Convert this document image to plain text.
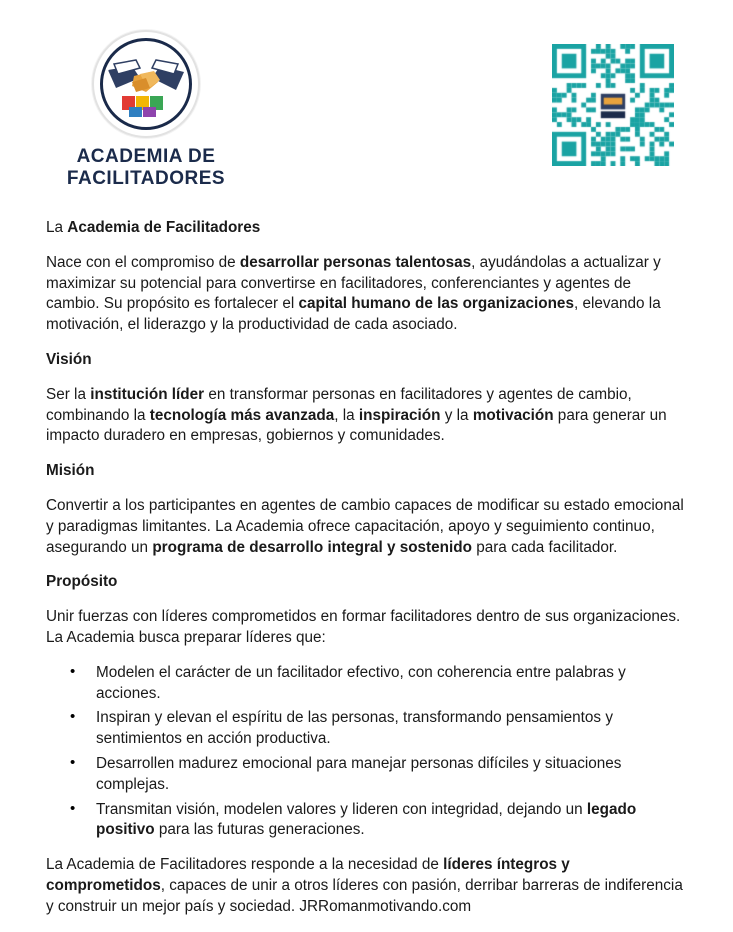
ACADEMIA DE
FACILITADORES

La Academia de Facilitadores

Nace con el compromiso de desarrollar personas talentosas, ayudándolas a actualizar y maximizar su potencial para convertirse en facilitadores, conferenciantes y agentes de cambio. Su propósito es fortalecer el capital humano de las organizaciones, elevando la motivación, el liderazgo y la productividad de cada asociado.

Visión

Ser la institución líder en transformar personas en facilitadores y agentes de cambio, combinando la tecnología más avanzada, la inspiración y la motivación para generar un impacto duradero en empresas, gobiernos y comunidades.

Misión

Convertir a los participantes en agentes de cambio capaces de modificar su estado emocional y paradigmas limitantes. La Academia ofrece capacitación, apoyo y seguimiento continuo, asegurando un programa de desarrollo integral y sostenido para cada facilitador.

Propósito

Unir fuerzas con líderes comprometidos en formar facilitadores dentro de sus organizaciones. La Academia busca preparar líderes que:

• Modelen el carácter de un facilitador efectivo, con coherencia entre palabras y acciones.
• Inspiran y elevan el espíritu de las personas, transformando pensamientos y sentimientos en acción productiva.
• Desarrollen madurez emocional para manejar personas difíciles y situaciones complejas.
• Transmitan visión, modelen valores y lideren con integridad, dejando un legado positivo para las futuras generaciones.

La Academia de Facilitadores responde a la necesidad de líderes íntegros y comprometidos, capaces de unir a otros líderes con pasión, derribar barreras de indiferencia y construir un mejor país y sociedad. JRRomanmotivando.com
